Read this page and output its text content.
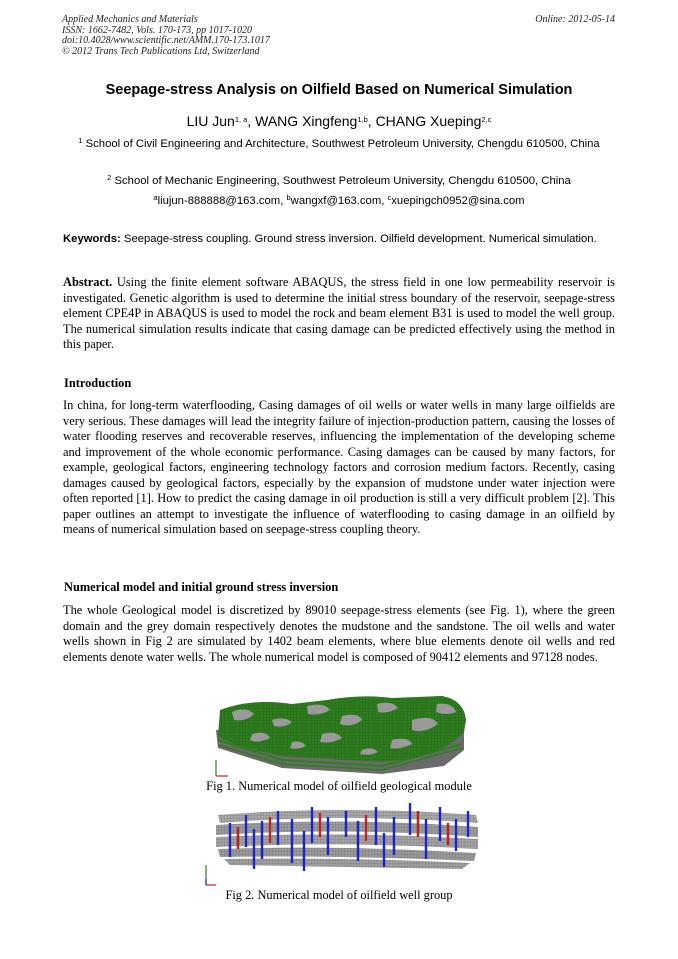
Applied Mechanics and Materials
ISSN: 1662-7482, Vols. 170-173, pp 1017-1020
doi:10.4028/www.scientific.net/AMM.170-173.1017
© 2012 Trans Tech Publications Ltd, Switzerland
Online: 2012-05-14
Seepage-stress Analysis on Oilfield Based on Numerical Simulation
LIU Jun$^{1, a}$, WANG Xingfeng$^{1,b}$, CHANG Xueping$^{2,c}$
$^1$ School of Civil Engineering and Architecture, Southwest Petroleum University, Chengdu 610500, China
$^2$ School of Mechanic Engineering, Southwest Petroleum University, Chengdu 610500, China
$^a$liujun-888888@163.com, $^b$wangxf@163.com, $^c$xuepingch0952@sina.com
Keywords: Seepage-stress coupling. Ground stress inversion. Oilfield development. Numerical simulation.
Abstract. Using the finite element software ABAQUS, the stress field in one low permeability reservoir is investigated. Genetic algorithm is used to determine the initial stress boundary of the reservoir, seepage-stress element CPE4P in ABAQUS is used to model the rock and beam element B31 is used to model the well group. The numerical simulation results indicate that casing damage can be predicted effectively using the method in this paper.
Introduction
In china, for long-term waterflooding, Casing damages of oil wells or water wells in many large oilfields are very serious. These damages will lead the integrity failure of injection-production pattern, causing the losses of water flooding reserves and recoverable reserves, influencing the implementation of the developing scheme and improvement of the whole economic performance. Casing damages can be caused by many factors, for example, geological factors, engineering technology factors and corrosion medium factors. Recently, casing damages caused by geological factors, especially by the expansion of mudstone under water injection were often reported [1]. How to predict the casing damage in oil production is still a very difficult problem [2]. This paper outlines an attempt to investigate the influence of waterflooding to casing damage in an oilfield by means of numerical simulation based on seepage-stress coupling theory.
Numerical model and initial ground stress inversion
The whole Geological model is discretized by 89010 seepage-stress elements (see Fig. 1), where the green domain and the grey domain respectively denotes the mudstone and the sandstone. The oil wells and water wells shown in Fig 2 are simulated by 1402 beam elements, where blue elements denote oil wells and red elements denote water wells. The whole numerical model is composed of 90412 elements and 97128 nodes.
Fig 1. Numerical model of oilfield geological module
Fig 2. Numerical model of oilfield well group
